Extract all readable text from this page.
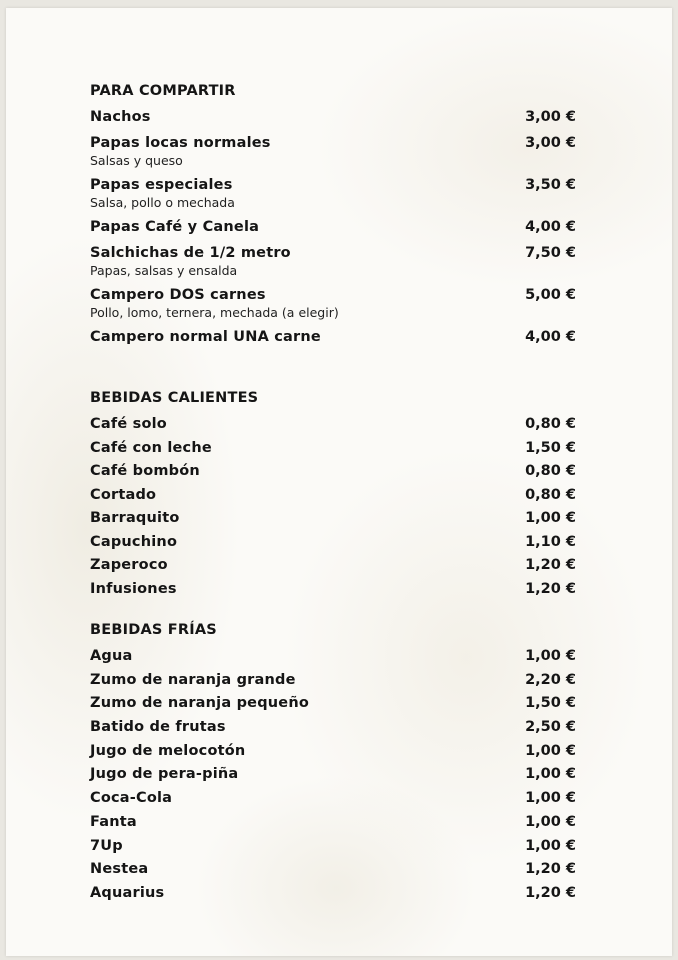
PARA COMPARTIR
Nachos	3,00 €
Papas locas normales	3,00 €
Salsas y queso
Papas especiales	3,50 €
Salsa, pollo o mechada
Papas Café y Canela	4,00 €
Salchichas de 1/2 metro	7,50 €
Papas, salsas y ensalda
Campero DOS carnes	5,00 €
Pollo, lomo, ternera, mechada (a elegir)
Campero normal UNA carne	4,00 €
BEBIDAS CALIENTES
Café solo	0,80 €
Café con leche	1,50 €
Café bombón	0,80 €
Cortado	0,80 €
Barraquito	1,00 €
Capuchino	1,10 €
Zaperoco	1,20 €
Infusiones	1,20 €
BEBIDAS FRÍAS
Agua	1,00 €
Zumo de naranja grande	2,20 €
Zumo de naranja pequeño	1,50 €
Batido de frutas	2,50 €
Jugo de melocotón	1,00 €
Jugo de pera-piña	1,00 €
Coca-Cola	1,00 €
Fanta	1,00 €
7Up	1,00 €
Nestea	1,20 €
Aquarius	1,20 €
